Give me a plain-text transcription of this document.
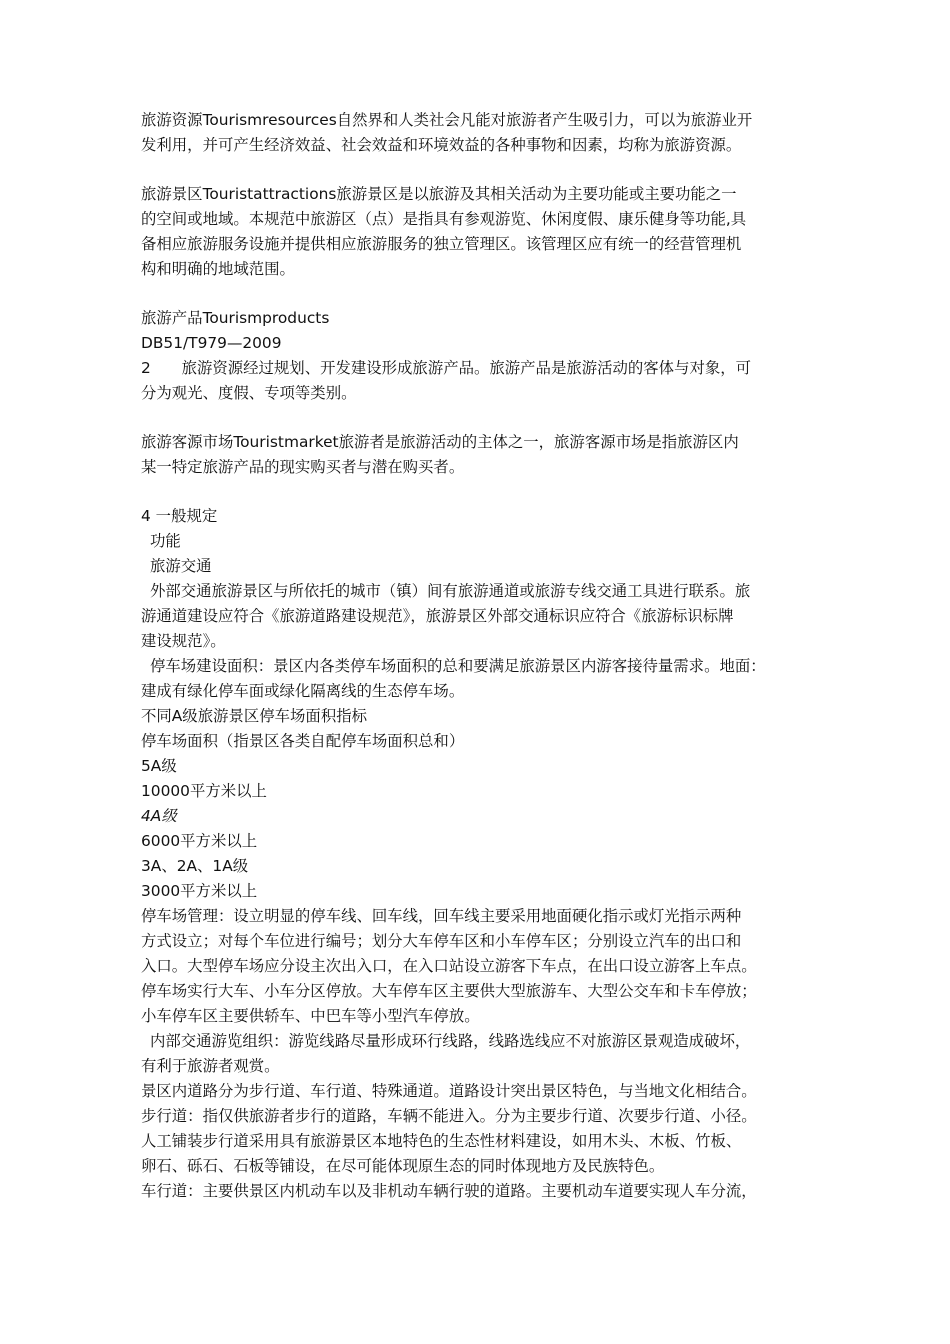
旅游资源Tourismresources自然界和人类社会凡能对旅游者产生吸引力，可以为旅游业开
发利用，并可产生经济效益、社会效益和环境效益的各种事物和因素，均称为旅游资源。
旅游景区Touristattractions旅游景区是以旅游及其相关活动为主要功能或主要功能之一
的空间或地域。本规范中旅游区（点）是指具有参观游览、休闲度假、康乐健身等功能,具
备相应旅游服务设施并提供相应旅游服务的独立管理区。该管理区应有统一的经营管理机
构和明确的地域范围。
旅游产品Tourismproducts
DB51/T979—2009
2　　旅游资源经过规划、开发建设形成旅游产品。旅游产品是旅游活动的客体与对象，可
分为观光、度假、专项等类别。
旅游客源市场Touristmarket旅游者是旅游活动的主体之一，旅游客源市场是指旅游区内
某一特定旅游产品的现实购买者与潜在购买者。
4 一般规定
功能
旅游交通
外部交通旅游景区与所依托的城市（镇）间有旅游通道或旅游专线交通工具进行联系。旅
游通道建设应符合《旅游道路建设规范》，旅游景区外部交通标识应符合《旅游标识标牌
建设规范》。
停车场建设面积：景区内各类停车场面积的总和要满足旅游景区内游客接待量需求。地面：
建成有绿化停车面或绿化隔离线的生态停车场。
不同A级旅游景区停车场面积指标
停车场面积（指景区各类自配停车场面积总和）
5A级
10000平方米以上
4A级
6000平方米以上
3A、2A、1A级
3000平方米以上
停车场管理：设立明显的停车线、回车线，回车线主要采用地面硬化指示或灯光指示两种
方式设立；对每个车位进行编号；划分大车停车区和小车停车区；分别设立汽车的出口和
入口。大型停车场应分设主次出入口，在入口站设立游客下车点，在出口设立游客上车点。
停车场实行大车、小车分区停放。大车停车区主要供大型旅游车、大型公交车和卡车停放；
小车停车区主要供轿车、中巴车等小型汽车停放。
内部交通游览组织：游览线路尽量形成环行线路，线路选线应不对旅游区景观造成破坏，
有利于旅游者观赏。
景区内道路分为步行道、车行道、特殊通道。道路设计突出景区特色，与当地文化相结合。
步行道：指仅供旅游者步行的道路，车辆不能进入。分为主要步行道、次要步行道、小径。
人工铺装步行道采用具有旅游景区本地特色的生态性材料建设，如用木头、木板、竹板、
卵石、砾石、石板等铺设，在尽可能体现原生态的同时体现地方及民族特色。
车行道：主要供景区内机动车以及非机动车辆行驶的道路。主要机动车道要实现人车分流，
